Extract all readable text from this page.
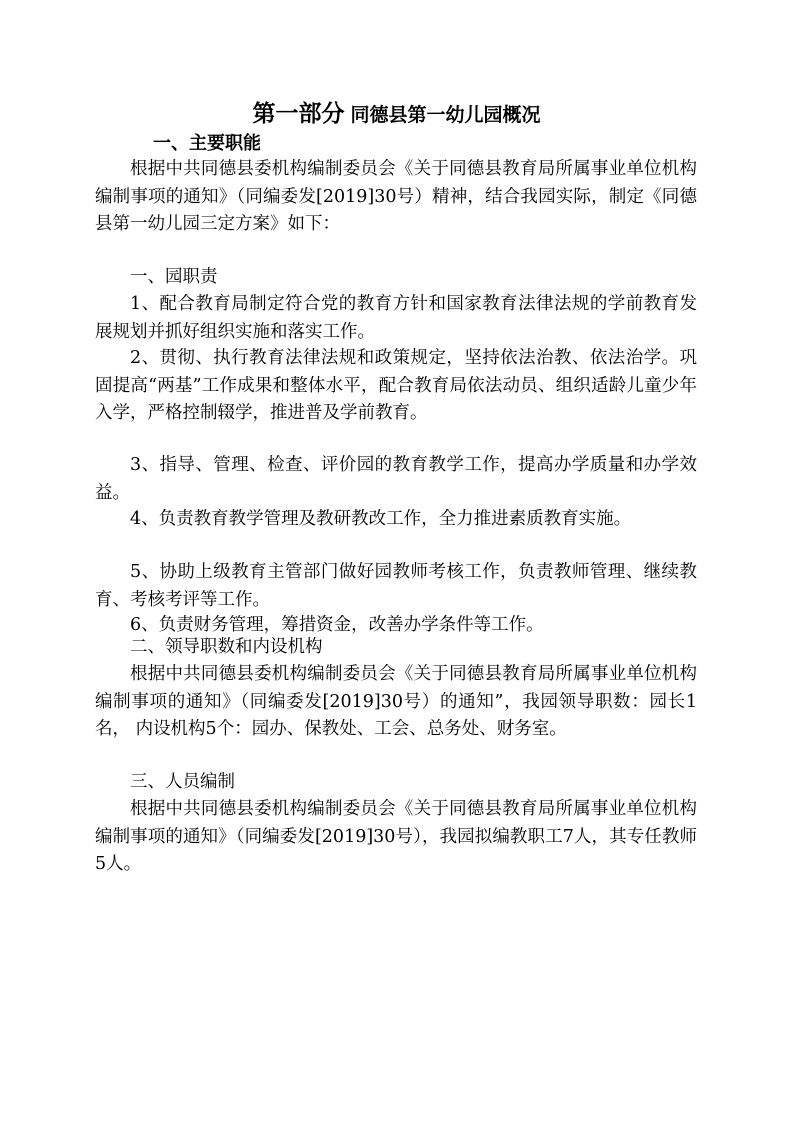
第一部分 同德县第一幼儿园概况
一、主要职能
根据中共同德县委机构编制委员会《关于同德县教育局所属事业单位机构编制事项的通知》（同编委发[2019]30号）精神，结合我园实际，制定《同德县第一幼儿园三定方案》如下：
一、园职责
1、配合教育局制定符合党的教育方针和国家教育法律法规的学前教育发展规划并抓好组织实施和落实工作。
2、贯彻、执行教育法律法规和政策规定，坚持依法治教、依法治学。巩固提高“两基”工作成果和整体水平，配合教育局依法动员、组织适龄儿童少年入学，严格控制辍学，推进普及学前教育。
3、指导、管理、检查、评价园的教育教学工作，提高办学质量和办学效益。
4、负责教育教学管理及教研教改工作，全力推进素质教育实施。
5、协助上级教育主管部门做好园教师考核工作，负责教师管理、继续教育、考核考评等工作。
6、负责财务管理，筹措资金，改善办学条件等工作。
二、领导职数和内设机构
根据中共同德县委机构编制委员会《关于同德县教育局所属事业单位机构编制事项的通知》（同编委发[2019]30号）的通知”，我园领导职数：园长1名， 内设机构5个：园办、保教处、工会、总务处、财务室。
三、人员编制
根据中共同德县委机构编制委员会《关于同德县教育局所属事业单位机构编制事项的通知》（同编委发[2019]30号），我园拟编教职工7人，其专任教师5人。
